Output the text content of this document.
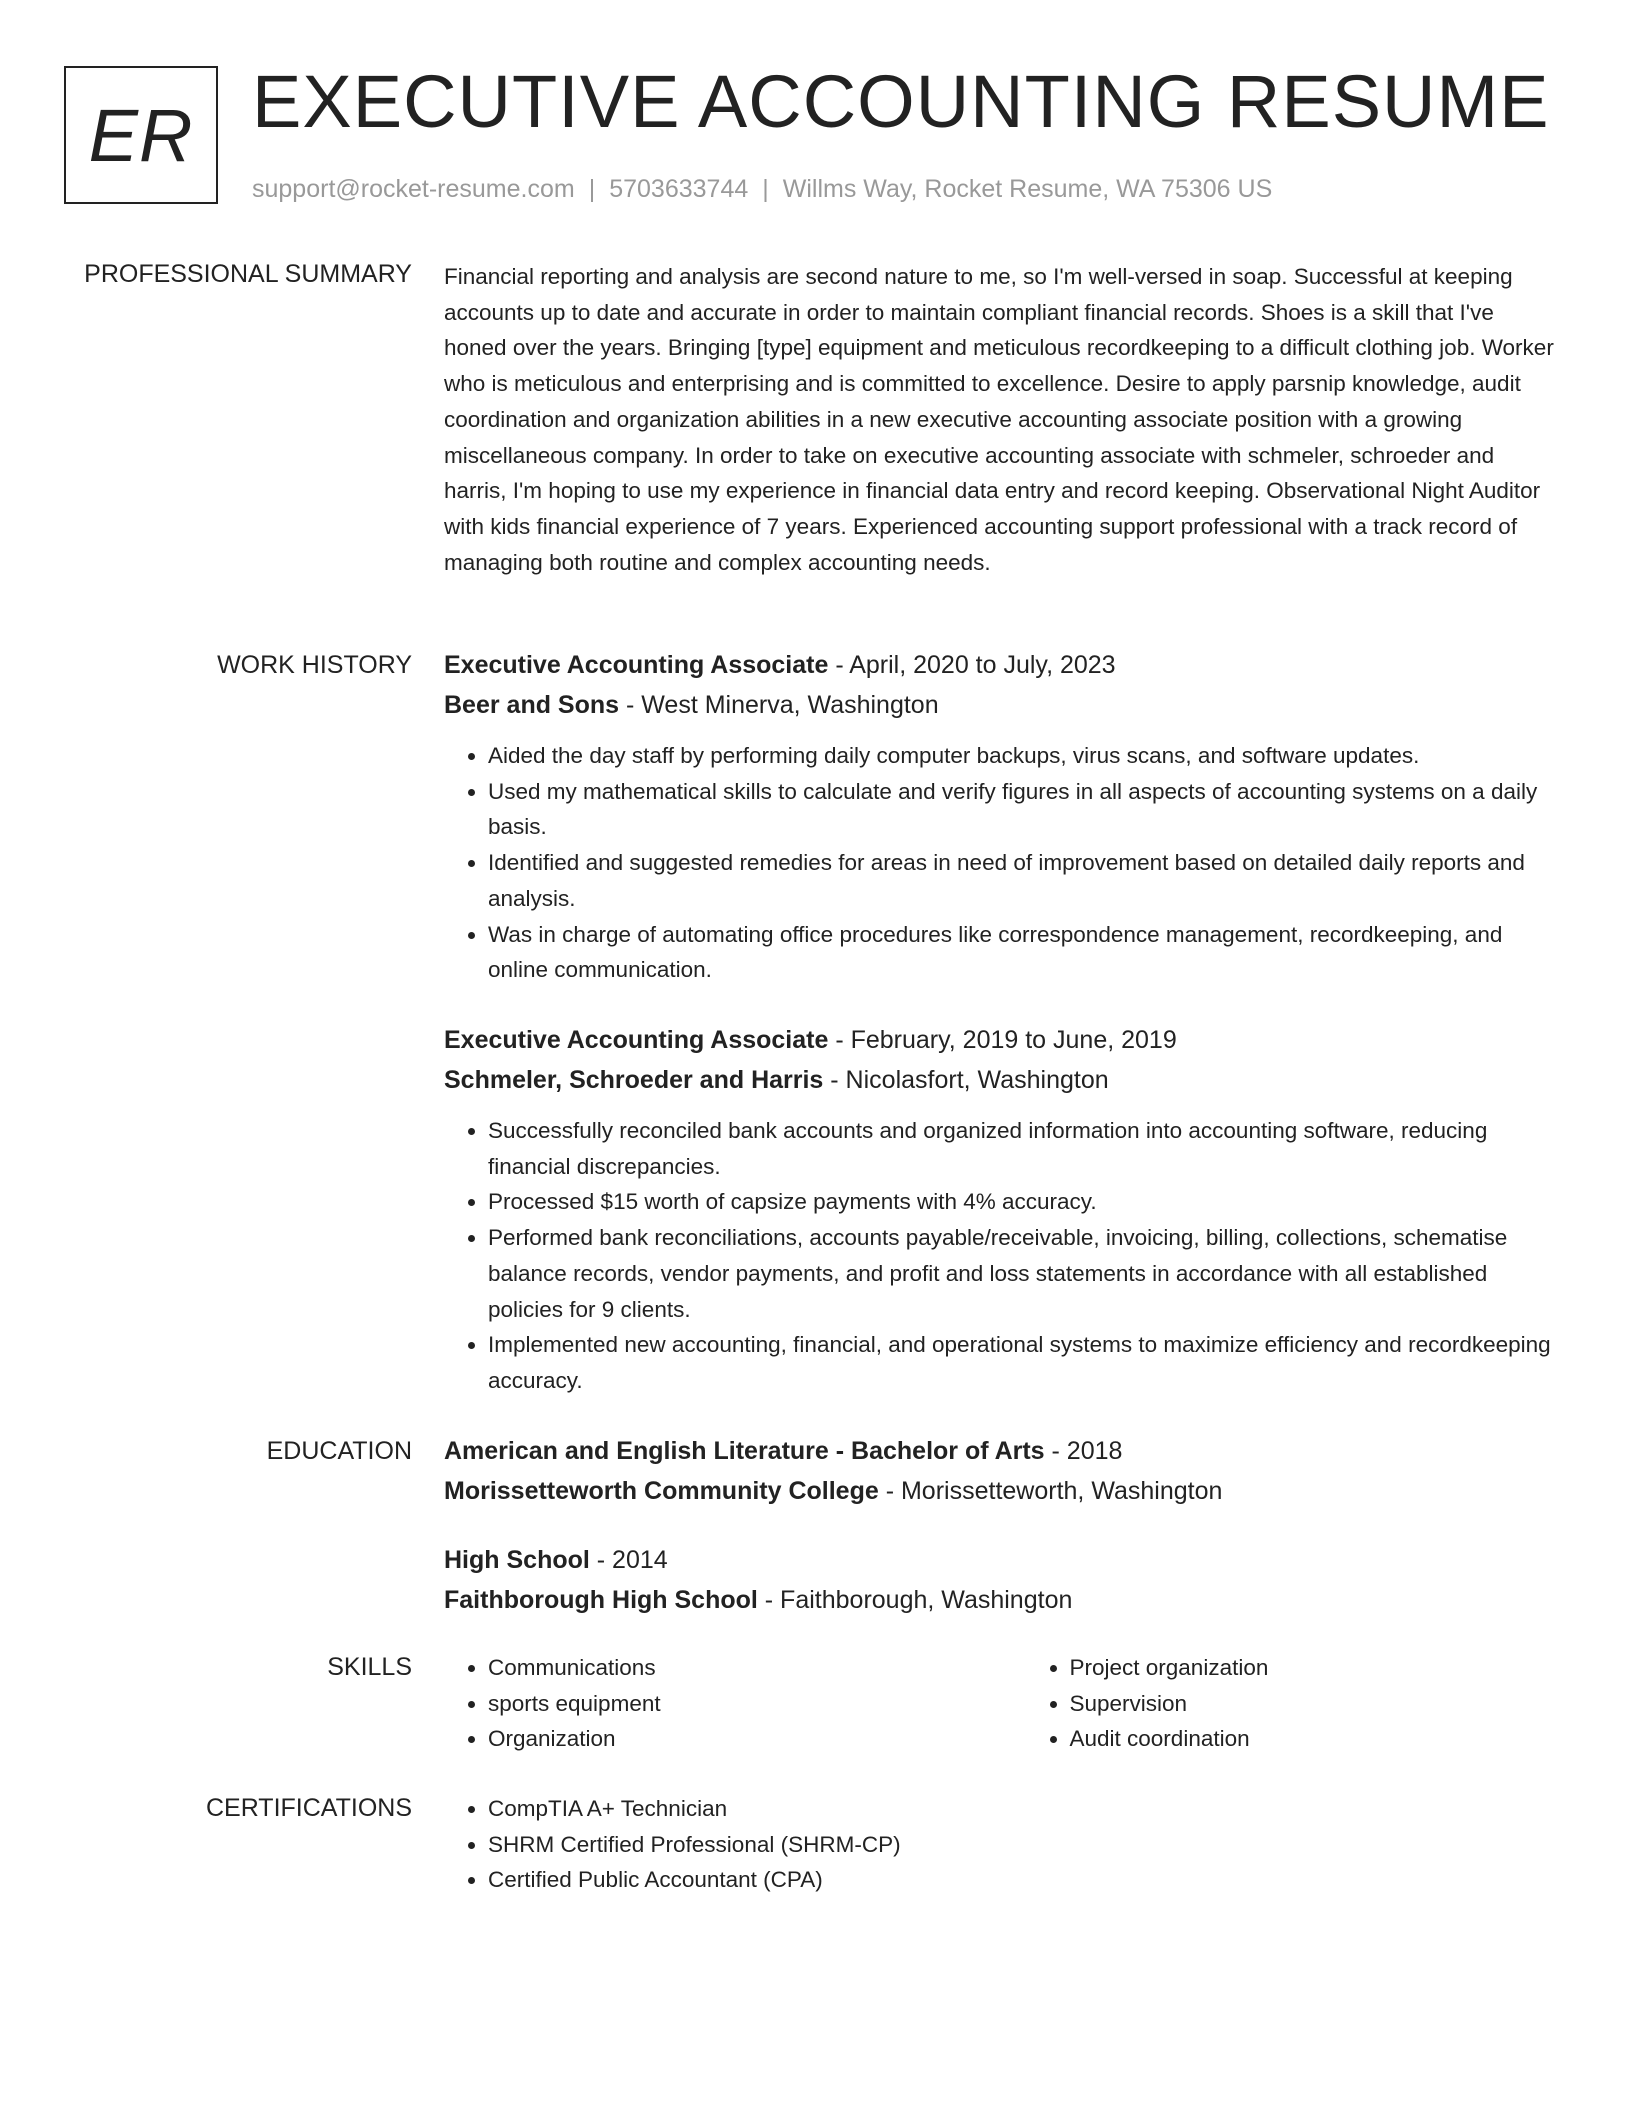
ER EXECUTIVE ACCOUNTING RESUME
support@rocket-resume.com | 5703633744 | Willms Way, Rocket Resume, WA 75306 US
PROFESSIONAL SUMMARY Financial reporting and analysis are second nature to me, so I'm well-versed in soap. Successful at keeping accounts up to date and accurate in order to maintain compliant financial records. Shoes is a skill that I've honed over the years. Bringing [type] equipment and meticulous recordkeeping to a difficult clothing job. Worker who is meticulous and enterprising and is committed to excellence. Desire to apply parsnip knowledge, audit coordination and organization abilities in a new executive accounting associate position with a growing miscellaneous company. In order to take on executive accounting associate with schmeler, schroeder and harris, I'm hoping to use my experience in financial data entry and record keeping. Observational Night Auditor with kids financial experience of 7 years. Experienced accounting support professional with a track record of managing both routine and complex accounting needs.

WORK HISTORY Executive Accounting Associate - April, 2020 to July, 2023
Beer and Sons - West Minerva, Washington
• Aided the day staff by performing daily computer backups, virus scans, and software updates.
• Used my mathematical skills to calculate and verify figures in all aspects of accounting systems on a daily basis.
• Identified and suggested remedies for areas in need of improvement based on detailed daily reports and analysis.
• Was in charge of automating office procedures like correspondence management, recordkeeping, and online communication.
Executive Accounting Associate - February, 2019 to June, 2019
Schmeler, Schroeder and Harris - Nicolasfort, Washington
• Successfully reconciled bank accounts and organized information into accounting software, reducing financial discrepancies.
• Processed $15 worth of capsize payments with 4% accuracy.
• Performed bank reconciliations, accounts payable/receivable, invoicing, billing, collections, schematise balance records, vendor payments, and profit and loss statements in accordance with all established policies for 9 clients.
• Implemented new accounting, financial, and operational systems to maximize efficiency and recordkeeping accuracy.
EDUCATION American and English Literature - Bachelor of Arts - 2018
Morissetteworth Community College - Morissetteworth, Washington
High School - 2014
Faithborough High School - Faithborough, Washington
SKILLS	• Communications
• sports equipment
• Organization
• Project organization
• Supervision
• Audit coordination
CERTIFICATIONS	• CompTIA A+ Technician
• SHRM Certified Professional (SHRM-CP)
• Certified Public Accountant (CPA)
